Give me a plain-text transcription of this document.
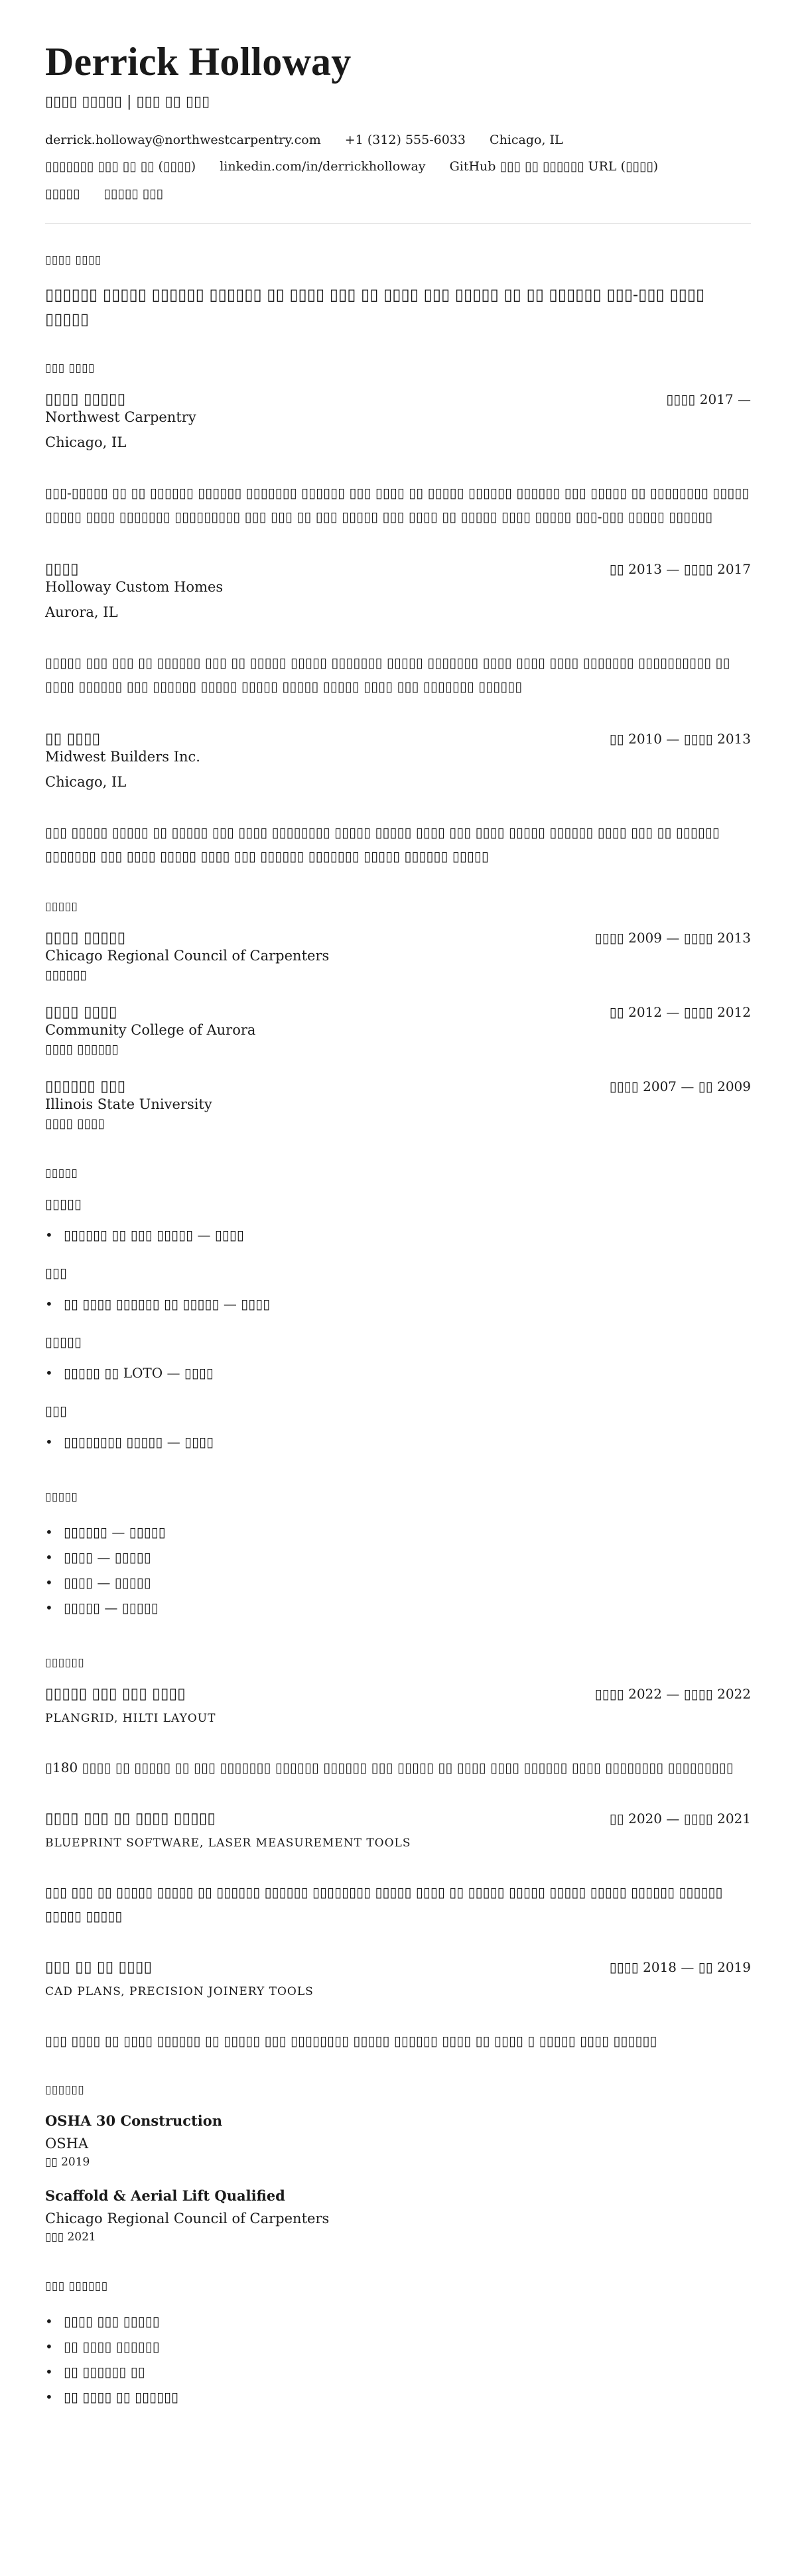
Derrick Holloway
▯▯▯▯ ▯▯▯▯▯ | ▯▯▯ ▯▯ ▯▯▯
derrick.holloway@northwestcarpentry.com +1 (312) 555-6033 Chicago, IL
▯▯▯▯▯▯▯ ▯▯▯ ▯▯ ▯▯ (▯▯▯▯) linkedin.com/in/derrickholloway GitHub ▯▯▯ ▯▯ ▯▯▯▯▯▯ URL (▯▯▯▯)
▯▯▯▯▯ ▯▯▯▯▯ ▯▯▯
▯▯▯▯ ▯▯▯▯

▯▯▯▯▯▯ ▯▯▯▯▯ ▯▯▯▯▯▯ ▯▯▯▯▯▯ ▯▯ ▯▯▯▯ ▯▯▯ ▯▯ ▯▯▯▯ ▯▯▯ ▯▯▯▯▯ ▯▯ ▯▯ ▯▯▯▯▯▯ ▯▯▯-▯▯▯ ▯▯▯▯ ▯▯▯▯▯

▯▯▯ ▯▯▯▯
▯▯▯▯ ▯▯▯▯▯	▯▯▯▯ 2017 —
Northwest Carpentry
Chicago, IL

▯▯▯-▯▯▯▯▯ ▯▯ ▯▯ ▯▯▯▯▯▯ ▯▯▯▯▯▯ ▯▯▯▯▯▯▯ ▯▯▯▯▯▯ ▯▯▯ ▯▯▯▯ ▯▯ ▯▯▯▯▯ ▯▯▯▯▯▯ ▯▯▯▯▯▯ ▯▯▯ ▯▯▯▯▯ ▯▯ ▯▯▯▯▯▯▯▯ ▯▯▯▯▯ ▯▯▯▯▯ ▯▯▯▯ ▯▯▯▯▯▯▯ ▯▯▯▯▯▯▯▯▯ ▯▯▯ ▯▯▯ ▯▯ ▯▯▯ ▯▯▯▯▯ ▯▯▯ ▯▯▯▯ ▯▯ ▯▯▯▯▯ ▯▯▯▯ ▯▯▯▯▯ ▯▯▯-▯▯▯ ▯▯▯▯▯ ▯▯▯▯▯▯

▯▯▯▯	▯▯ 2013 — ▯▯▯▯ 2017
Holloway Custom Homes
Aurora, IL

▯▯▯▯▯ ▯▯▯ ▯▯▯ ▯▯ ▯▯▯▯▯▯ ▯▯▯ ▯▯ ▯▯▯▯▯ ▯▯▯▯▯ ▯▯▯▯▯▯▯ ▯▯▯▯▯ ▯▯▯▯▯▯▯ ▯▯▯▯ ▯▯▯▯ ▯▯▯▯ ▯▯▯▯▯▯▯ ▯▯▯▯▯▯▯▯▯▯ ▯▯ ▯▯▯▯ ▯▯▯▯▯▯ ▯▯▯ ▯▯▯▯▯▯ ▯▯▯▯▯ ▯▯▯▯▯ ▯▯▯▯▯ ▯▯▯▯▯ ▯▯▯▯ ▯▯▯ ▯▯▯▯▯▯▯ ▯▯▯▯▯▯

▯▯ ▯▯▯▯	▯▯ 2010 — ▯▯▯▯ 2013
Midwest Builders Inc.
Chicago, IL

▯▯▯ ▯▯▯▯▯ ▯▯▯▯▯ ▯▯ ▯▯▯▯▯ ▯▯▯ ▯▯▯▯ ▯▯▯▯▯▯▯▯ ▯▯▯▯▯ ▯▯▯▯▯ ▯▯▯▯ ▯▯▯ ▯▯▯▯ ▯▯▯▯▯ ▯▯▯▯▯▯ ▯▯▯▯ ▯▯▯ ▯▯ ▯▯▯▯▯▯ ▯▯▯▯▯▯▯ ▯▯▯ ▯▯▯▯ ▯▯▯▯▯ ▯▯▯▯ ▯▯▯ ▯▯▯▯▯▯ ▯▯▯▯▯▯▯ ▯▯▯▯▯ ▯▯▯▯▯▯ ▯▯▯▯▯

▯▯▯▯▯
▯▯▯▯ ▯▯▯▯▯	▯▯▯▯ 2009 — ▯▯▯▯ 2013
Chicago Regional Council of Carpenters
▯▯▯▯▯▯
▯▯▯▯ ▯▯▯▯	▯▯ 2012 — ▯▯▯▯ 2012
Community College of Aurora
▯▯▯▯ ▯▯▯▯▯▯
▯▯▯▯▯▯ ▯▯▯	▯▯▯▯ 2007 — ▯▯ 2009
Illinois State University
▯▯▯▯ ▯▯▯▯
▯▯▯▯▯
▯▯▯▯▯
• ▯▯▯▯▯▯ ▯▯ ▯▯▯ ▯▯▯▯▯ — ▯▯▯▯
▯▯▯
• ▯▯ ▯▯▯▯ ▯▯▯▯▯▯ ▯▯ ▯▯▯▯▯ — ▯▯▯▯
▯▯▯▯▯
• ▯▯▯▯▯ ▯▯ LOTO — ▯▯▯▯
▯▯▯
• ▯▯▯▯▯▯▯▯ ▯▯▯▯▯ — ▯▯▯▯
▯▯▯▯▯
• ▯▯▯▯▯▯ — ▯▯▯▯▯
• ▯▯▯▯ — ▯▯▯▯▯
• ▯▯▯▯ — ▯▯▯▯▯
• ▯▯▯▯▯ — ▯▯▯▯▯
▯▯▯▯▯▯
▯▯▯▯▯ ▯▯▯ ▯▯▯ ▯▯▯▯	▯▯▯▯ 2022 — ▯▯▯▯ 2022
PLANGRID, HILTI LAYOUT

▯180 ▯▯▯▯ ▯▯ ▯▯▯▯▯ ▯▯ ▯▯▯ ▯▯▯▯▯▯▯ ▯▯▯▯▯▯ ▯▯▯▯▯▯ ▯▯▯ ▯▯▯▯▯ ▯▯ ▯▯▯▯ ▯▯▯▯ ▯▯▯▯▯▯ ▯▯▯▯ ▯▯▯▯▯▯▯▯ ▯▯▯▯▯▯▯▯▯

▯▯▯▯ ▯▯▯ ▯▯ ▯▯▯▯ ▯▯▯▯▯	▯▯ 2020 — ▯▯▯▯ 2021
BLUEPRINT SOFTWARE, LASER MEASUREMENT TOOLS

▯▯▯ ▯▯▯ ▯▯ ▯▯▯▯▯ ▯▯▯▯▯ ▯▯ ▯▯▯▯▯▯ ▯▯▯▯▯▯ ▯▯▯▯▯▯▯▯ ▯▯▯▯▯ ▯▯▯▯ ▯▯ ▯▯▯▯▯ ▯▯▯▯▯ ▯▯▯▯▯ ▯▯▯▯▯ ▯▯▯▯▯▯ ▯▯▯▯▯▯ ▯▯▯▯▯ ▯▯▯▯▯

▯▯▯ ▯▯ ▯▯ ▯▯▯▯	▯▯▯▯ 2018 — ▯▯ 2019
CAD PLANS, PRECISION JOINERY TOOLS

▯▯▯ ▯▯▯▯ ▯▯ ▯▯▯▯ ▯▯▯▯▯▯ ▯▯ ▯▯▯▯▯ ▯▯▯ ▯▯▯▯▯▯▯▯ ▯▯▯▯▯ ▯▯▯▯▯▯ ▯▯▯▯ ▯▯ ▯▯▯▯ ▯ ▯▯▯▯▯ ▯▯▯▯ ▯▯▯▯▯▯

▯▯▯▯▯▯
OSHA 30 Construction
OSHA
▯▯ 2019
Scaffold & Aerial Lift Qualified
Chicago Regional Council of Carpenters
▯▯▯ 2021
▯▯▯ ▯▯▯▯▯▯
• ▯▯▯▯ ▯▯▯ ▯▯▯▯▯
• ▯▯ ▯▯▯▯ ▯▯▯▯▯▯
• ▯▯ ▯▯▯▯▯▯ ▯▯
• ▯▯ ▯▯▯▯ ▯▯ ▯▯▯▯▯▯
